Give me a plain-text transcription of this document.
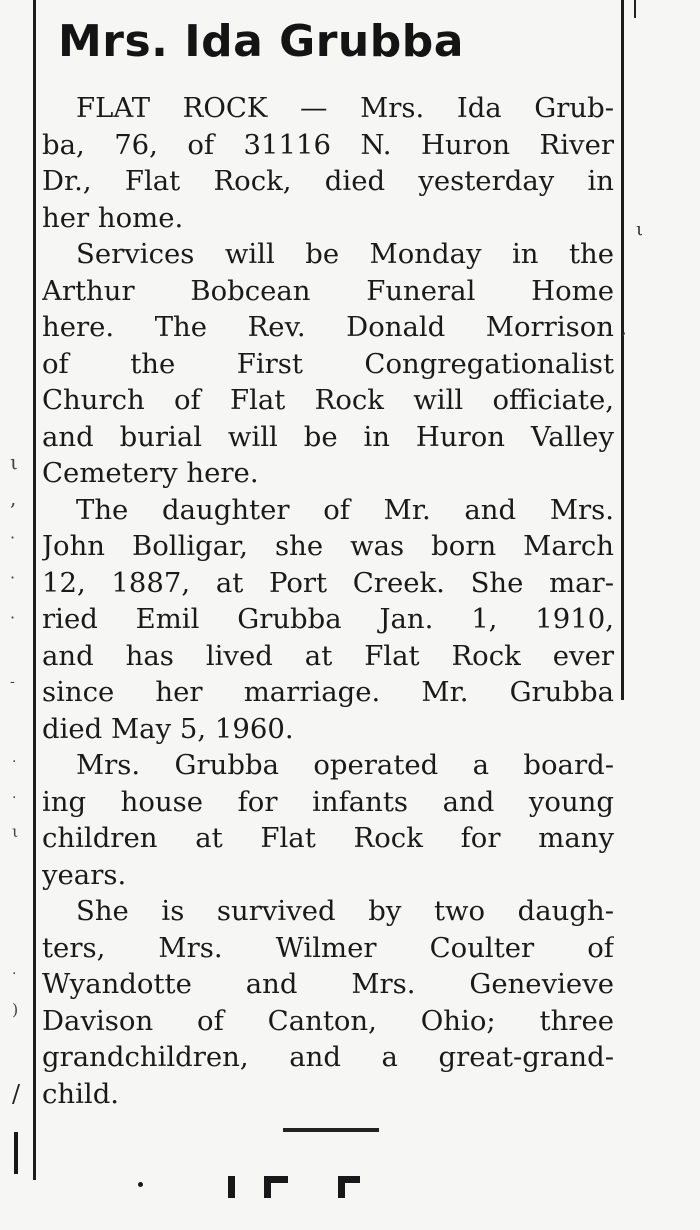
ι
,
·
·
·
-
·
·
ι
·
)
/
ι
,
Mrs. Ida Grubba
FLAT ROCK — Mrs. Ida Grub-
ba, 76, of 31116 N. Huron River
Dr., Flat Rock, died yesterday in
her home.
Services will be Monday in the
Arthur Bobcean Funeral Home
here. The Rev. Donald Morrison
of the First Congregationalist
Church of Flat Rock will officiate,
and burial will be in Huron Valley
Cemetery here.
The daughter of Mr. and Mrs.
John Bolligar, she was born March
12, 1887, at Port Creek. She mar-
ried Emil Grubba Jan. 1, 1910,
and has lived at Flat Rock ever
since her marriage. Mr. Grubba
died May 5, 1960.
Mrs. Grubba operated a board-
ing house for infants and young
children at Flat Rock for many
years.
She is survived by two daugh-
ters, Mrs. Wilmer Coulter of
Wyandotte and Mrs. Genevieve
Davison of Canton, Ohio; three
grandchildren, and a great-grand-
child.
